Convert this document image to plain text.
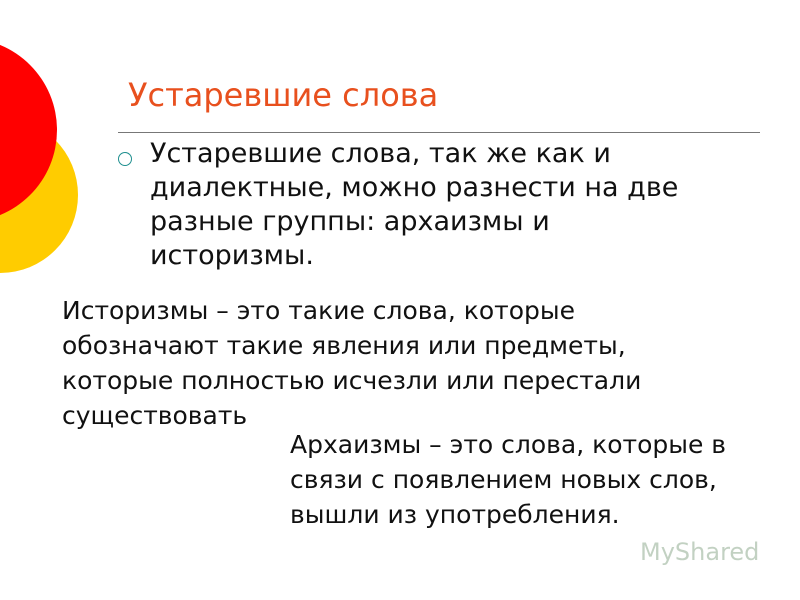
Устаревшие слова

Устаревшие слова, так же как и диалектные, можно разнести на две разные группы: архаизмы и историзмы.

Историзмы – это такие слова, которые обозначают такие явления или предметы, которые полностью исчезли или перестали существовать

Архаизмы – это слова, которые в связи с появлением новых слов, вышли из употребления.

MyShared
